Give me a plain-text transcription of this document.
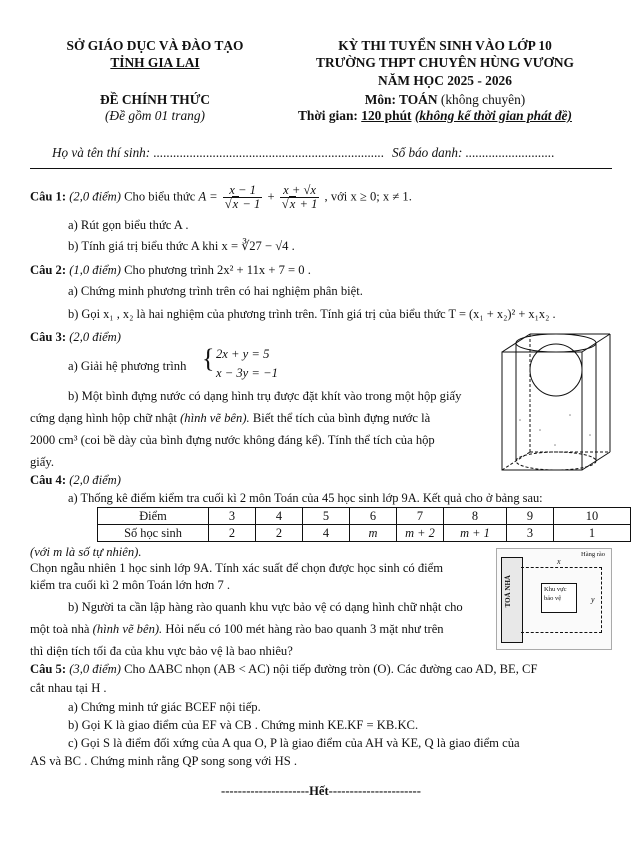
SỞ GIÁO DỤC VÀ ĐÀO TẠO
TỈNH GIA LAI
ĐỀ CHÍNH THỨC
(Đề gồm 01 trang)
KỲ THI TUYỂN SINH VÀO LỚP 10
TRƯỜNG THPT CHUYÊN HÙNG VƯƠNG
NĂM HỌC 2025 - 2026
Môn: TOÁN (không chuyên)
Thời gian: 120 phút (không kể thời gian phát đề)
Họ và tên thí sinh: ...................................................................... Số báo danh: ...........................
Câu 1: (2,0 điểm) Cho biểu thức $A = \frac{x - 1}{√x - 1} + \frac{x + √x}{√x + 1}$ , với x ≥ 0; x ≠ 1.
a) Rút gọn biểu thức A .
b) Tính giá trị biểu thức A khi x = ∛27 − √4 .
Câu 2: (1,0 điểm) Cho phương trình 2x² + 11x + 7 = 0 .
a) Chứng minh phương trình trên có hai nghiệm phân biệt.
b) Gọi x₁ , x₂ là hai nghiệm của phương trình trên. Tính giá trị của biểu thức T = (x₁ + x₂)² + x₁x₂ .
Câu 3: (2,0 điểm)
a) Giải hệ phương trình { 2x + y = 5
x − 3y = −1
b) Một bình đựng nước có dạng hình trụ được đặt khít vào trong một hộp giấy
cứng dạng hình hộp chữ nhật (hình vẽ bên). Biết thể tích của bình đựng nước là
2000 cm³ (coi bề dày của bình đựng nước không đáng kể). Tính thể tích của hộp
giấy.
Câu 4: (2,0 điểm)
a) Thống kê điểm kiểm tra cuối kì 2 môn Toán của 45 học sinh lớp 9A. Kết quả cho ở bảng sau:
Điểm	3	4	5	6	7	8	9	10
Số học sinh	2	2	4	m	m + 2	m + 1	3	1
(với m là số tự nhiên).
Chọn ngẫu nhiên 1 học sinh lớp 9A. Tính xác suất để chọn được học sinh có điểm
kiểm tra cuối kì 2 môn Toán lớn hơn 7 .
b) Người ta cần lập hàng rào quanh khu vực bảo vệ có dạng hình chữ nhật cho
một toà nhà (hình vẽ bên). Hỏi nếu có 100 mét hàng rào bao quanh 3 mặt như trên
thì diện tích tối đa của khu vực bảo vệ là bao nhiêu?
TOÀ NHÀ	Khu vực
bảo vệ
Hàng rào
x
y
Câu 5: (3,0 điểm) Cho ΔABC nhọn (AB < AC) nội tiếp đường tròn (O). Các đường cao AD, BE, CF
cắt nhau tại H .
a) Chứng minh tứ giác BCEF nội tiếp.
b) Gọi K là giao điểm của EF và CB . Chứng minh KE.KF = KB.KC.
c) Gọi S là điểm đối xứng của A qua O, P là giao điểm của AH và KE, Q là giao điểm của
AS và BC . Chứng minh rằng QP song song với HS .
---------------------Hết----------------------
